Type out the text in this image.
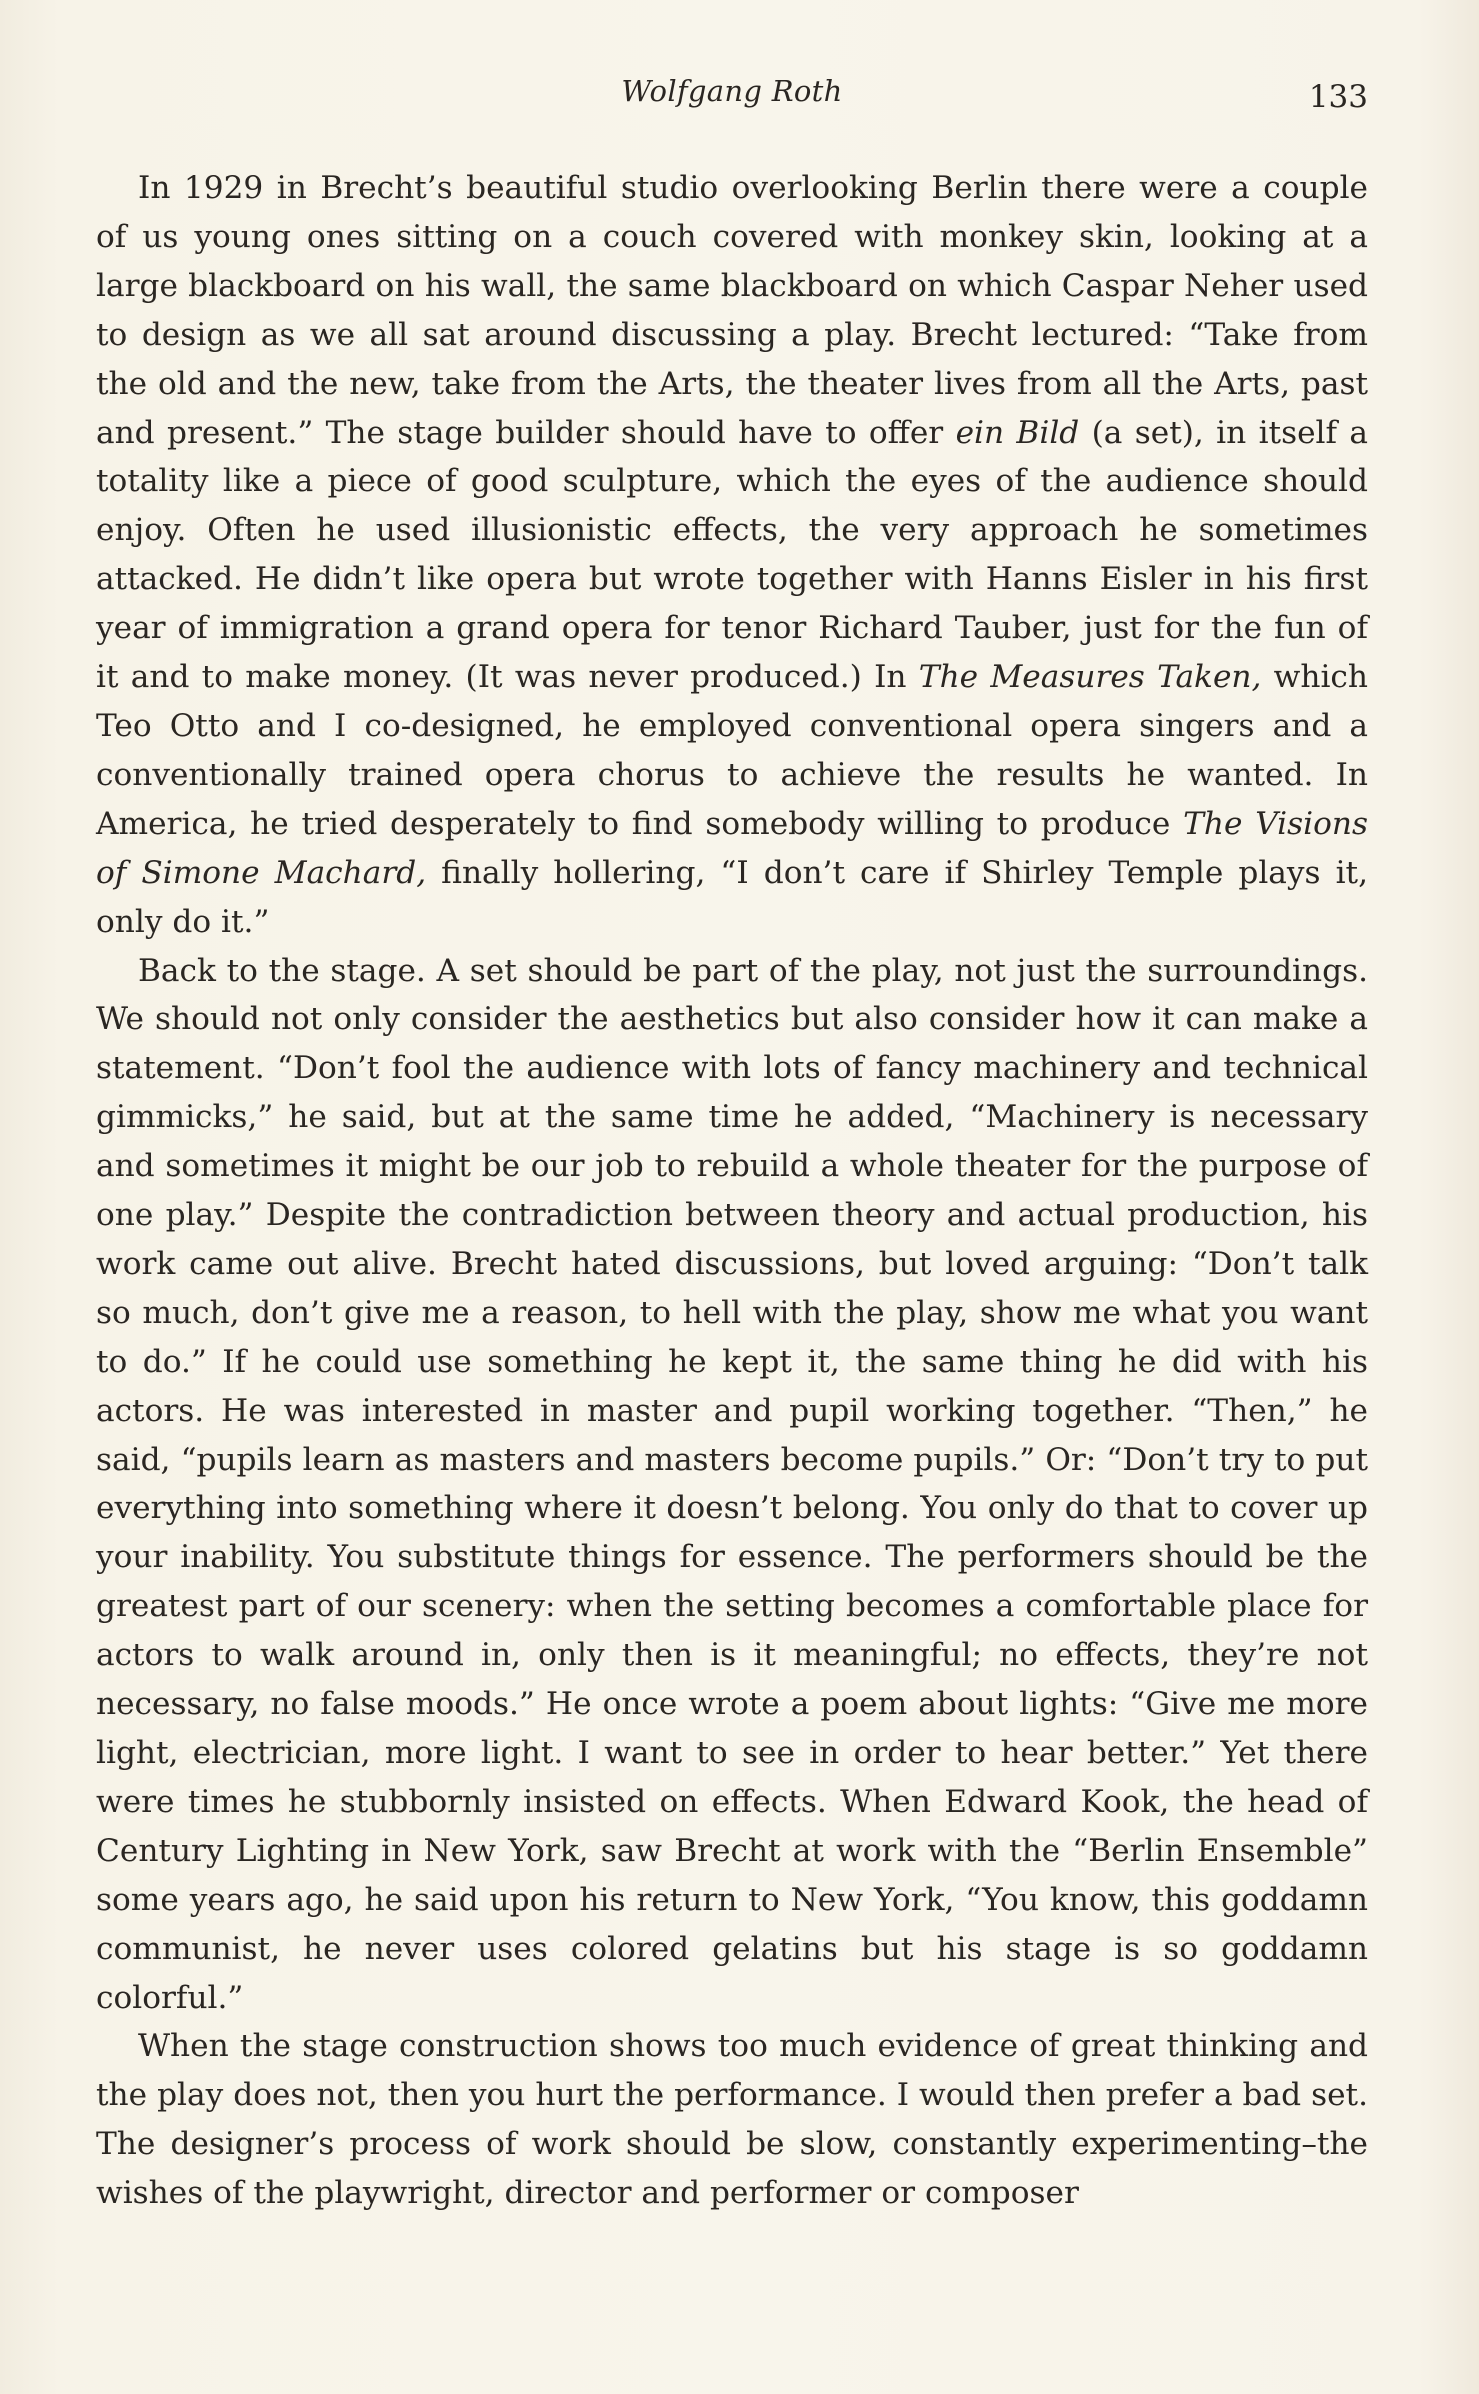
Wolfgang Roth	133

In 1929 in Brecht’s beautiful studio overlooking Berlin there were a couple of us young ones sitting on a couch covered with monkey skin, looking at a large blackboard on his wall, the same blackboard on which Caspar Neher used to design as we all sat around discussing a play. Brecht lectured: “Take from the old and the new, take from the Arts, the theater lives from all the Arts, past and present.” The stage builder should have to offer ein Bild (a set), in itself a totality like a piece of good sculpture, which the eyes of the audience should enjoy. Often he used illusionistic effects, the very approach he sometimes attacked. He didn’t like opera but wrote together with Hanns Eisler in his first year of immigration a grand opera for tenor Richard Tauber, just for the fun of it and to make money. (It was never produced.) In The Measures Taken, which Teo Otto and I co-designed, he employed conventional opera singers and a conventionally trained opera chorus to achieve the results he wanted. In America, he tried desperately to find somebody willing to produce The Visions of Simone Machard, finally hollering, “I don’t care if Shirley Temple plays it, only do it.”

Back to the stage. A set should be part of the play, not just the surroundings. We should not only consider the aesthetics but also consider how it can make a statement. “Don’t fool the audience with lots of fancy machinery and technical gimmicks,” he said, but at the same time he added, “Machinery is necessary and sometimes it might be our job to rebuild a whole theater for the purpose of one play.” Despite the contradiction between theory and actual production, his work came out alive. Brecht hated discussions, but loved arguing: “Don’t talk so much, don’t give me a reason, to hell with the play, show me what you want to do.” If he could use something he kept it, the same thing he did with his actors. He was interested in master and pupil working together. “Then,” he said, “pupils learn as masters and masters become pupils.” Or: “Don’t try to put everything into something where it doesn’t belong. You only do that to cover up your inability. You substitute things for essence. The performers should be the greatest part of our scenery: when the setting becomes a comfortable place for actors to walk around in, only then is it meaningful; no effects, they’re not necessary, no false moods.” He once wrote a poem about lights: “Give me more light, electrician, more light. I want to see in order to hear better.” Yet there were times he stubbornly insisted on effects. When Edward Kook, the head of Century Lighting in New York, saw Brecht at work with the “Berlin Ensemble” some years ago, he said upon his return to New York, “You know, this goddamn communist, he never uses colored gelatins but his stage is so goddamn colorful.”

When the stage construction shows too much evidence of great thinking and the play does not, then you hurt the performance. I would then prefer a bad set. The designer’s process of work should be slow, constantly experimenting–the wishes of the playwright, director and performer or composer
